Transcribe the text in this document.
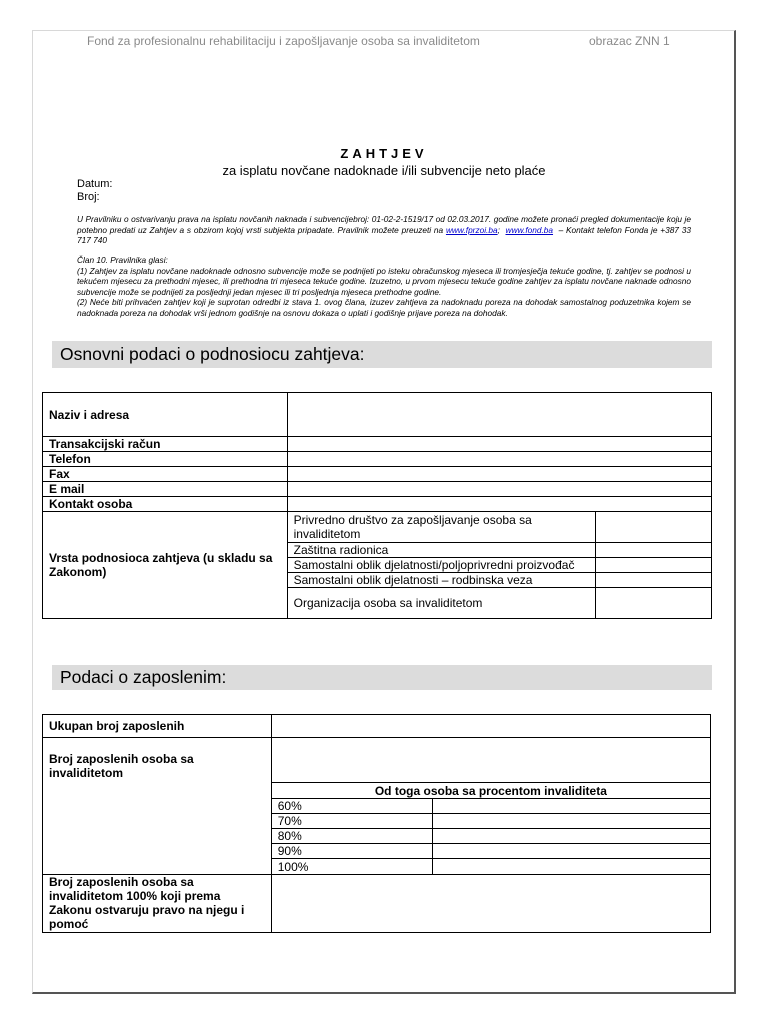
Fond za profesionalnu rehabilitaciju i zapošljavanje osoba sa invaliditetom	obrazac ZNN 1
ZAHTJEV
za isplatu novčane nadoknade i/ili subvencije neto plaće
Datum:
Broj:
U Pravilniku o ostvarivanju prava na isplatu novčanih naknada i subvencijebroj: 01-02-2-1519/17 od 02.03.2017. godine možete pronaći pregled dokumentacije koju je potebno predati uz Zahtjev a s obzirom kojoj vrsti subjekta pripadate. Pravilnik možete preuzeti na www.fprzoi.ba; www.fond.ba – Kontakt telefon Fonda je +387 33 717 740
Član 10. Pravilnika glasi:
(1) Zahtjev za isplatu novčane nadoknade odnosno subvencije može se podnijeti po isteku obračunskog mjeseca ili tromjesječja tekuće godine, tj. zahtjev se podnosi u tekućem mjesecu za prethodni mjesec, ili prethodna tri mjeseca tekuće godine. Izuzetno, u prvom mjesecu tekuće godine zahtjev za isplatu novčane naknade odnosno subvencije može se podnijeti za posljednji jedan mjesec ili tri posljednja mjeseca prethodne godine.
(2) Neće biti prihvaćen zahtjev koji je suprotan odredbi iz stava 1. ovog člana, izuzev zahtjeva za nadoknadu poreza na dohodak samostalnog poduzetnika kojem se nadoknada poreza na dohodak vrši jednom godišnje na osnovu dokaza o uplati i godišnje prijave poreza na dohodak.
Osnovni podaci o podnosiocu zahtjeva:
Naziv i adresa		
Transakcijski račun		
Telefon		
Fax		
E mail		
Kontakt osoba		
Vrsta podnosioca zahtjeva (u skladu sa Zakonom)	Privredno društvo za zapošljavanje osoba sa invaliditetom	
	Zaštitna radionica	
	Samostalni oblik djelatnosti/poljoprivredni proizvođač	
	Samostalni oblik djelatnosti – rodbinska veza	
	Organizacija osoba sa invaliditetom	
Podaci o zaposlenim:
Ukupan broj zaposlenih		
Broj zaposlenih osoba sa invaliditetom		
	Od toga osoba sa procentom invaliditeta	
	60%	
	70%	
	80%	
	90%	
	100%	
Broj zaposlenih osoba sa invaliditetom 100% koji prema Zakonu ostvaruju pravo na njegu i pomoć		
